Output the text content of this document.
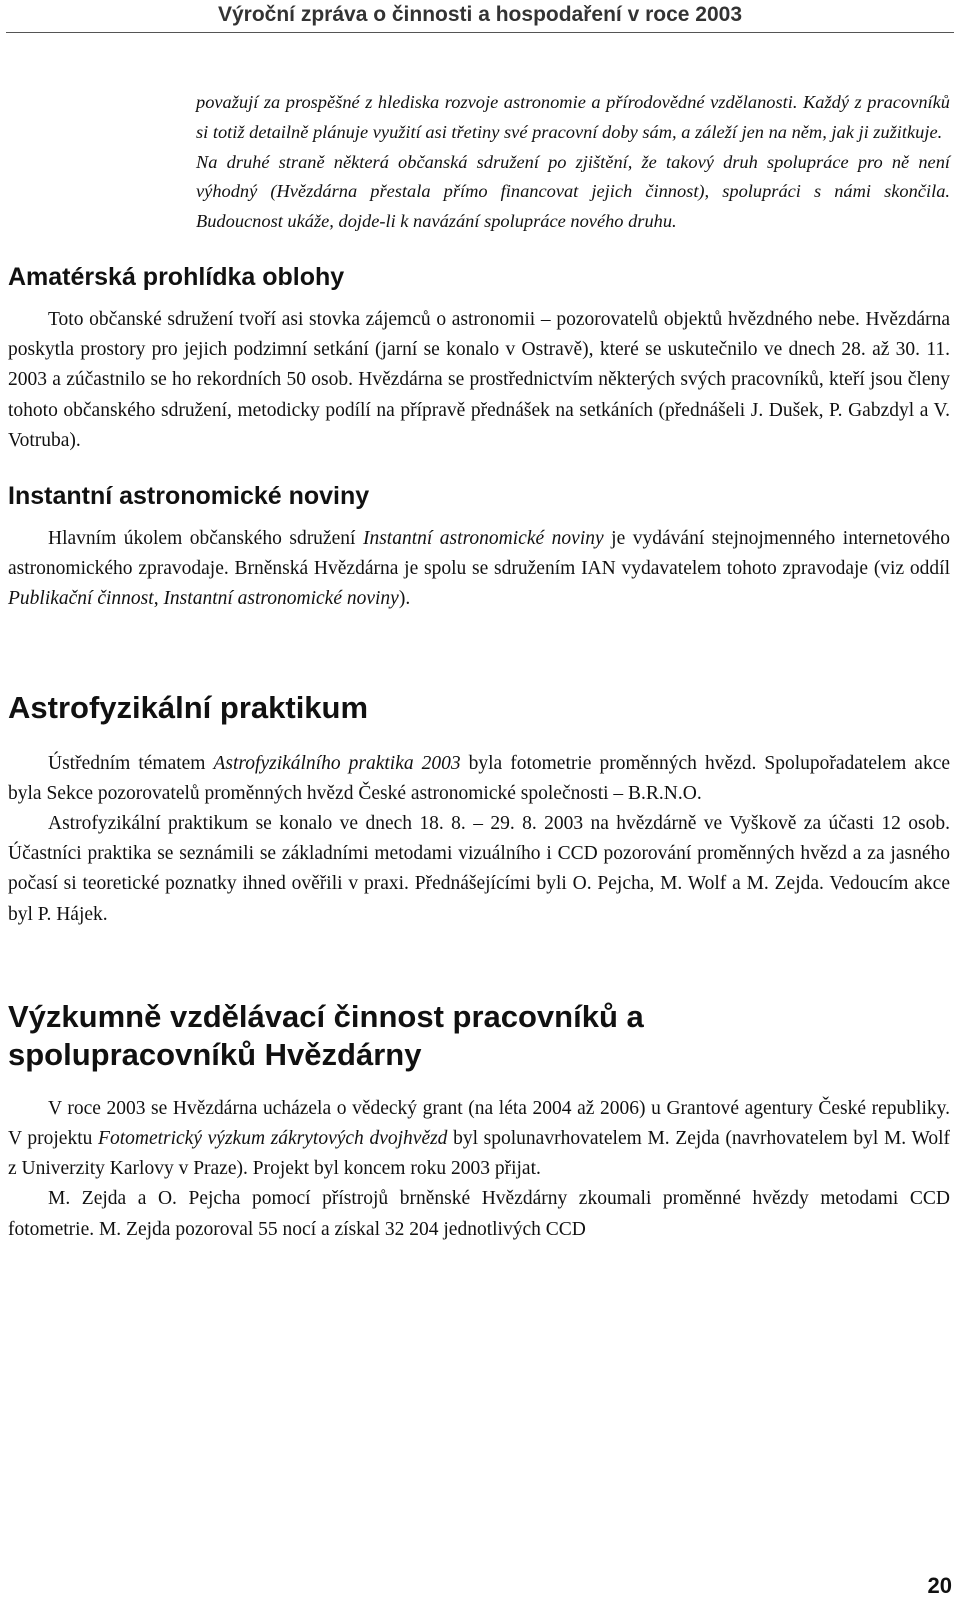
Výroční zpráva o činnosti a hospodaření v roce 2003

považují za prospěšné z hlediska rozvoje astronomie a přírodovědné vzdělanosti. Každý z pracovníků si totiž detailně plánuje využití asi třetiny své pracovní doby sám, a záleží jen na něm, jak ji zužitkuje.

Na druhé straně některá občanská sdružení po zjištění, že takový druh spolupráce pro ně není výhodný (Hvězdárna přestala přímo financovat jejich činnost), spolupráci s námi skončila. Budoucnost ukáže, dojde-li k navázání spolupráce nového druhu.

Amatérská prohlídka oblohy

Toto občanské sdružení tvoří asi stovka zájemců o astronomii – pozorovatelů objektů hvězdného nebe. Hvězdárna poskytla prostory pro jejich podzimní setkání (jarní se konalo v Ostravě), které se uskutečnilo ve dnech 28. až 30. 11. 2003 a zúčastnilo se ho rekordních 50 osob. Hvězdárna se prostřednictvím některých svých pracovníků, kteří jsou členy tohoto občanského sdružení, metodicky podílí na přípravě přednášek na setkáních (přednášeli J. Dušek, P. Gabzdyl a V. Votruba).

Instantní astronomické noviny

Hlavním úkolem občanského sdružení Instantní astronomické noviny je vydávání stejnojmenného internetového astronomického zpravodaje. Brněnská Hvězdárna je spolu se sdružením IAN vydavatelem tohoto zpravodaje (viz oddíl Publikační činnost, Instantní astronomické noviny).

Astrofyzikální praktikum

Ústředním tématem Astrofyzikálního praktika 2003 byla fotometrie proměnných hvězd. Spolupořadatelem akce byla Sekce pozorovatelů proměnných hvězd České astronomické společnosti – B.R.N.O.

Astrofyzikální praktikum se konalo ve dnech 18. 8. – 29. 8. 2003 na hvězdárně ve Vyškově za účasti 12 osob. Účastníci praktika se seznámili se základními metodami vizuálního i CCD pozorování proměnných hvězd a za jasného počasí si teoretické poznatky ihned ověřili v praxi. Přednášejícími byli O. Pejcha, M. Wolf a M. Zejda. Vedoucím akce byl P. Hájek.

Výzkumně vzdělávací činnost pracovníků a spolupracovníků Hvězdárny

V roce 2003 se Hvězdárna ucházela o vědecký grant (na léta 2004 až 2006) u Grantové agentury České republiky. V projektu Fotometrický výzkum zákrytových dvojhvězd byl spolunavrhovatelem M. Zejda (navrhovatelem byl M. Wolf z Univerzity Karlovy v Praze). Projekt byl koncem roku 2003 přijat.

M. Zejda a O. Pejcha pomocí přístrojů brněnské Hvězdárny zkoumali proměnné hvězdy metodami CCD fotometrie. M. Zejda pozoroval 55 nocí a získal 32 204 jednotlivých CCD

20
